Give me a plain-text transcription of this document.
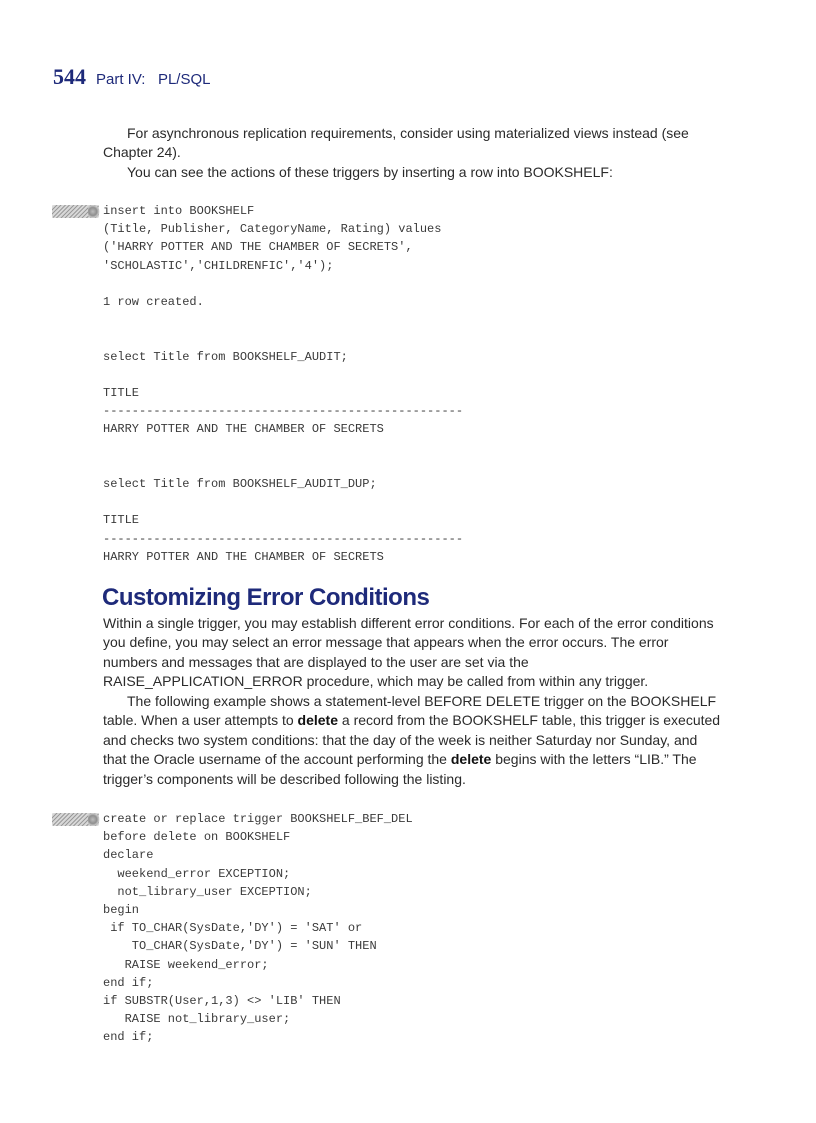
544 Part IV:   PL/SQL

For asynchronous replication requirements, consider using materialized views instead (see Chapter 24).

You can see the actions of these triggers by inserting a row into BOOKSHELF:

insert into BOOKSHELF
(Title, Publisher, CategoryName, Rating) values
('HARRY POTTER AND THE CHAMBER OF SECRETS',
'SCHOLASTIC','CHILDRENFIC','4');

1 row created.

select Title from BOOKSHELF_AUDIT;

TITLE
--------------------------------------------------
HARRY POTTER AND THE CHAMBER OF SECRETS

select Title from BOOKSHELF_AUDIT_DUP;

TITLE
--------------------------------------------------
HARRY POTTER AND THE CHAMBER OF SECRETS
Customizing Error Conditions

Within a single trigger, you may establish different error conditions. For each of the error conditions you define, you may select an error message that appears when the error occurs. The error numbers and messages that are displayed to the user are set via the RAISE_APPLICATION_ERROR procedure, which may be called from within any trigger.

The following example shows a statement-level BEFORE DELETE trigger on the BOOKSHELF table. When a user attempts to delete a record from the BOOKSHELF table, this trigger is executed and checks two system conditions: that the day of the week is neither Saturday nor Sunday, and that the Oracle username of the account performing the delete begins with the letters “LIB.” The trigger’s components will be described following the listing.

create or replace trigger BOOKSHELF_BEF_DEL
before delete on BOOKSHELF
declare
weekend_error EXCEPTION;
not_library_user EXCEPTION;
begin
if TO_CHAR(SysDate,'DY') = 'SAT' or
TO_CHAR(SysDate,'DY') = 'SUN' THEN
RAISE weekend_error;
end if;
if SUBSTR(User,1,3) <> 'LIB' THEN
RAISE not_library_user;
end if;
